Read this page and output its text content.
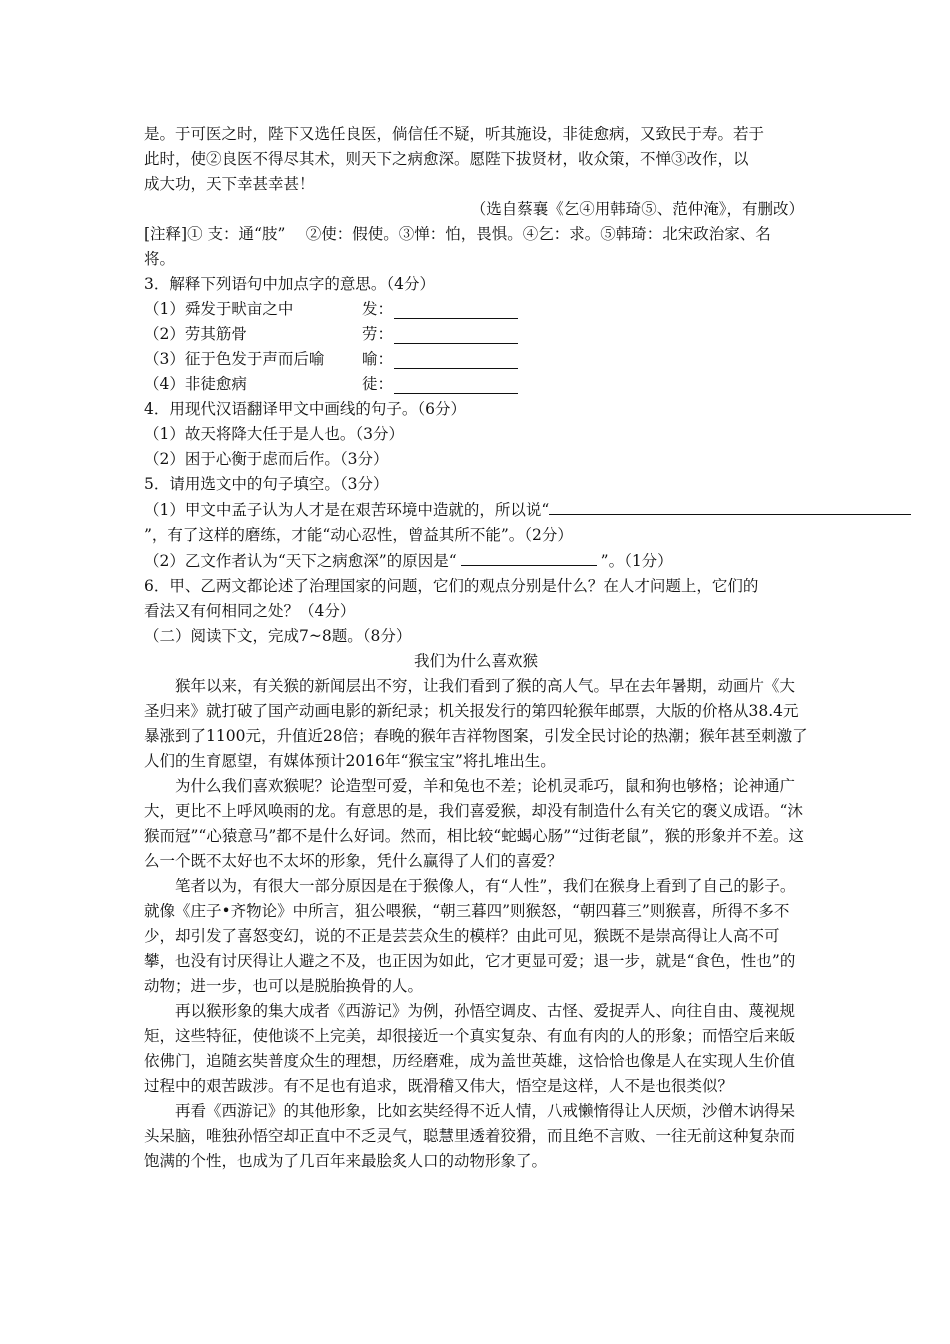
是。于可医之时，陛下又选任良医，倘信任不疑，听其施设，非徒愈病，又致民于寿。若于

此时，使②良医不得尽其术，则天下之病愈深。愿陛下拔贤材，收众策，不惮③改作，以

成大功，天下幸甚幸甚！

（选自蔡襄《乞④用韩琦⑤、范仲淹》，有删改）

[注释]① 支：通“肢”　 ②使：假使。③惮：怕，畏惧。④乞：求。⑤韩琦：北宋政治家、名

将。

3．解释下列语句中加点字的意思。（4分）

（1）舜发于畎亩之中	发：
（2）劳其筋骨	劳：
（3）征于色发于声而后喻	喻：
（4）非徒愈病	徒：

4．用现代汉语翻译甲文中画线的句子。（6分）

（1）故天将降大任于是人也。（3分）

（2）困于心衡于虑而后作。（3分）

5．请用选文中的句子填空。（3分）

（1）甲文中孟子认为人才是在艰苦环境中造就的，所以说“

”，有了这样的磨练，才能“动心忍性，曾益其所不能”。（2分）

（2）乙文作者认为“天下之病愈深”的原因是“	”。（1分）

6．甲、乙两文都论述了治理国家的问题，它们的观点分别是什么？在人才问题上，它们的

看法又有何相同之处？（4分）

（二）阅读下文，完成7~8题。（8分）

我们为什么喜欢猴

猴年以来，有关猴的新闻层出不穷，让我们看到了猴的高人气。早在去年暑期，动画片《大圣归来》就打破了国产动画电影的新纪录；机关报发行的第四轮猴年邮票，大版的价格从38.4元暴涨到了1100元，升值近28倍；春晚的猴年吉祥物图案，引发全民讨论的热潮；猴年甚至刺激了人们的生育愿望，有媒体预计2016年“猴宝宝”将扎堆出生。

为什么我们喜欢猴呢？论造型可爱，羊和兔也不差；论机灵乖巧，鼠和狗也够格；论神通广大，更比不上呼风唤雨的龙。有意思的是，我们喜爱猴，却没有制造什么有关它的褒义成语。“沐猴而冠”“心猿意马”都不是什么好词。然而，相比较“蛇蝎心肠”“过街老鼠”，猴的形象并不差。这么一个既不太好也不太坏的形象，凭什么赢得了人们的喜爱？

笔者以为，有很大一部分原因是在于猴像人，有“人性”，我们在猴身上看到了自己的影子。就像《庄子•齐物论》中所言，狙公喂猴，“朝三暮四”则猴怒，“朝四暮三”则猴喜，所得不多不少，却引发了喜怒变幻，说的不正是芸芸众生的模样？由此可见，猴既不是崇高得让人高不可攀，也没有讨厌得让人避之不及，也正因为如此，它才更显可爱；退一步，就是“食色，性也”的动物；进一步，也可以是脱胎换骨的人。

再以猴形象的集大成者《西游记》为例，孙悟空调皮、古怪、爱捉弄人、向往自由、蔑视规矩，这些特征，使他谈不上完美，却很接近一个真实复杂、有血有肉的人的形象；而悟空后来皈依佛门，追随玄奘普度众生的理想，历经磨难，成为盖世英雄，这恰恰也像是人在实现人生价值过程中的艰苦跋涉。有不足也有追求，既滑稽又伟大，悟空是这样，人不是也很类似？

再看《西游记》的其他形象，比如玄奘经得不近人情，八戒懒惰得让人厌烦，沙僧木讷得呆头呆脑，唯独孙悟空却正直中不乏灵气，聪慧里透着狡猾，而且绝不言败、一往无前这种复杂而饱满的个性，也成为了几百年来最脍炙人口的动物形象了。
